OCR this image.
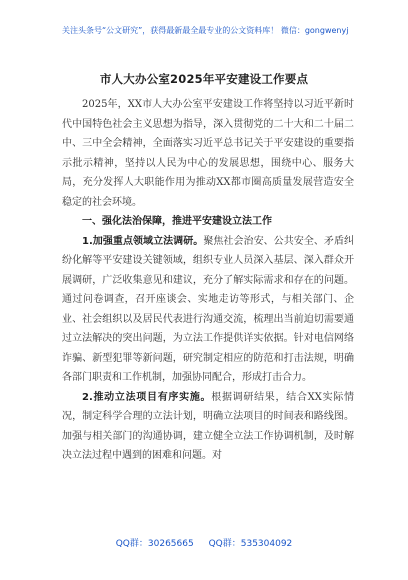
关注头条号“公文研究”，获得最新最全最专业的公文资料库！ 微信：gongwenyj
市人大办公室2025年平安建设工作要点

2025年，XX市人大办公室平安建设工作将坚持以习近平新时代中国特色社会主义思想为指导，深入贯彻党的二十大和二十届二中、三中全会精神，全面落实习近平总书记关于平安建设的重要指示批示精神，坚持以人民为中心的发展思想，围绕中心、服务大局，充分发挥人大职能作用为推动XX都市圈高质量发展营造安全稳定的社会环境。

一、强化法治保障，推进平安建设立法工作

1.加强重点领域立法调研。聚焦社会治安、公共安全、矛盾纠纷化解等平安建设关键领域，组织专业人员深入基层、深入群众开展调研，广泛收集意见和建议，充分了解实际需求和存在的问题。通过问卷调查，召开座谈会、实地走访等形式，与相关部门、企业、社会组织以及居民代表进行沟通交流，梳理出当前迫切需要通过立法解决的突出问题，为立法工作提供详实依据。针对电信网络诈骗、新型犯罪等新问题，研究制定相应的防范和打击法规，明确各部门职责和工作机制，加强协同配合，形成打击合力。

2.推动立法项目有序实施。根据调研结果，结合XX实际情况，制定科学合理的立法计划，明确立法项目的时间表和路线图。加强与相关部门的沟通协调，建立健全立法工作协调机制，及时解决立法过程中遇到的困难和问题。对

QQ群：30265665 QQ群：535304092
